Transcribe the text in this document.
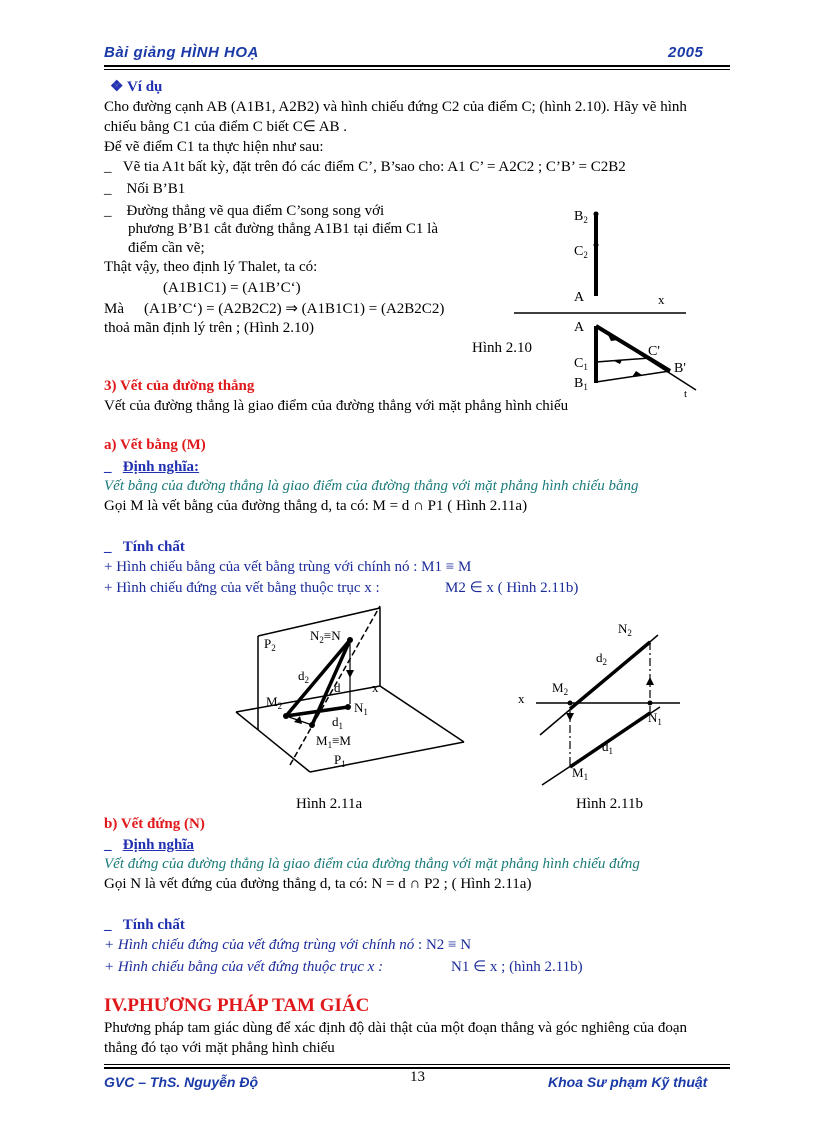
Bài giảng HÌNH HOẠ	2005
❖ Ví dụ
Cho đường cạnh AB (A1B1, A2B2) và hình chiếu đứng C2 của điểm C; (hình 2.10). Hãy vẽ hình
chiếu bằng C1 của điểm C biết C∈ AB .
Để vẽ điểm C1 ta thực hiện như sau:
_   Vẽ tia A1t bất kỳ, đặt trên đó các điểm C’, B’sao cho: A1 C’ = A2C2 ; C’B’ = C2B2
_    Nối B’B1
_    Đường thẳng vẽ qua điểm C’song song với
phương B’B1 cắt đường thẳng A1B1 tại điểm C1 là
điểm cần vẽ;
Thật vậy, theo định lý Thalet, ta có:
(A1B1C1) = (A1B’C‘)
Mà (A1B’C‘) = (A2B2C2) ⇒ (A1B1C1) = (A2B2C2)
thoả mãn định lý trên ; (Hình 2.10)
Hình 2.10
$B_2$
$C_2$
A	x
A
$C_1$
$B_1$
C'
B'
t
3) Vết của đường thẳng
Vết của đường thẳng là giao điểm của đường thẳng với mặt phẳng hình chiếu
a) Vết bằng (M)
_   Định nghĩa:
Vết bằng của đường thẳng là giao điểm của đường thẳng với mặt phẳng hình chiếu bằng
Gọi M là vết bằng của đường thẳng d, ta có: M = d ∩ P1 ( Hình 2.11a)
_   Tính chất
+ Hình chiếu bằng của vết bằng trùng với chính nó : M1 ≡ M
+ Hình chiếu đứng của vết bằng thuộc trục x :	M2 ∈ x ( Hình 2.11b)
$P_2$
$N_2\equiv N$
$d_2$ d x
$M_2$	$N_1$
$d_1$
$M_1\equiv M$
$P_1$
Hình 2.11a
$N_2$
$d_2$
$M_2$
x
$N_1$
$d_1$
$M_1$
Hình 2.11b
b) Vết đứng (N)
_   Định nghĩa
Vết đứng của đường thẳng là giao điểm của đường thẳng với mặt phẳng hình chiếu đứng
Gọi N là vết đứng của đường thẳng d, ta có: N = d ∩ P2 ; ( Hình 2.11a)
_   Tính chất
+ Hình chiếu đứng của vết đứng trùng với chính nó : N2 ≡ N
+ Hình chiếu bằng của vết đứng thuộc trục x :	N1 ∈ x ; (hình 2.11b)
IV.PHƯƠNG PHÁP TAM GIÁC
Phương pháp tam giác dùng để xác định độ dài thật của một đoạn thẳng và góc nghiêng của đoạn
thẳng đó tạo với mặt phẳng hình chiếu
GVC – ThS. Nguyễn Độ	13	Khoa Sư phạm Kỹ thuật
